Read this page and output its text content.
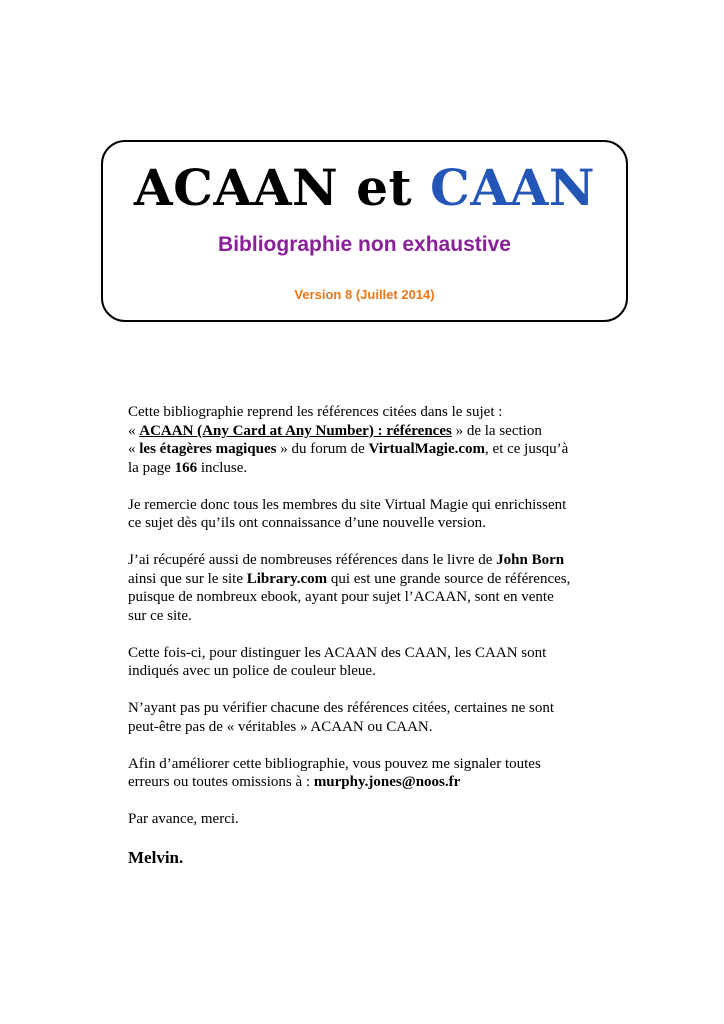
ACAAN et CAAN

Bibliographie non exhaustive

Version 8 (Juillet 2014)

Cette bibliographie reprend les références citées dans le sujet :
« ACAAN (Any Card at Any Number) : références » de la section
« les étagères magiques » du forum de VirtualMagie.com, et ce jusqu’à
la page 166 incluse.

Je remercie donc tous les membres du site Virtual Magie qui enrichissent
ce sujet dès qu’ils ont connaissance d’une nouvelle version.

J’ai récupéré aussi de nombreuses références dans le livre de John Born
ainsi que sur le site Library.com qui est une grande source de références,
puisque de nombreux ebook, ayant pour sujet l’ACAAN, sont en vente
sur ce site.

Cette fois-ci, pour distinguer les ACAAN des CAAN, les CAAN sont
indiqués avec un police de couleur bleue.

N’ayant pas pu vérifier chacune des références citées, certaines ne sont
peut-être pas de « véritables » ACAAN ou CAAN.

Afin d’améliorer cette bibliographie, vous pouvez me signaler toutes
erreurs ou toutes omissions à : murphy.jones@noos.fr

Par avance, merci.

Melvin.
